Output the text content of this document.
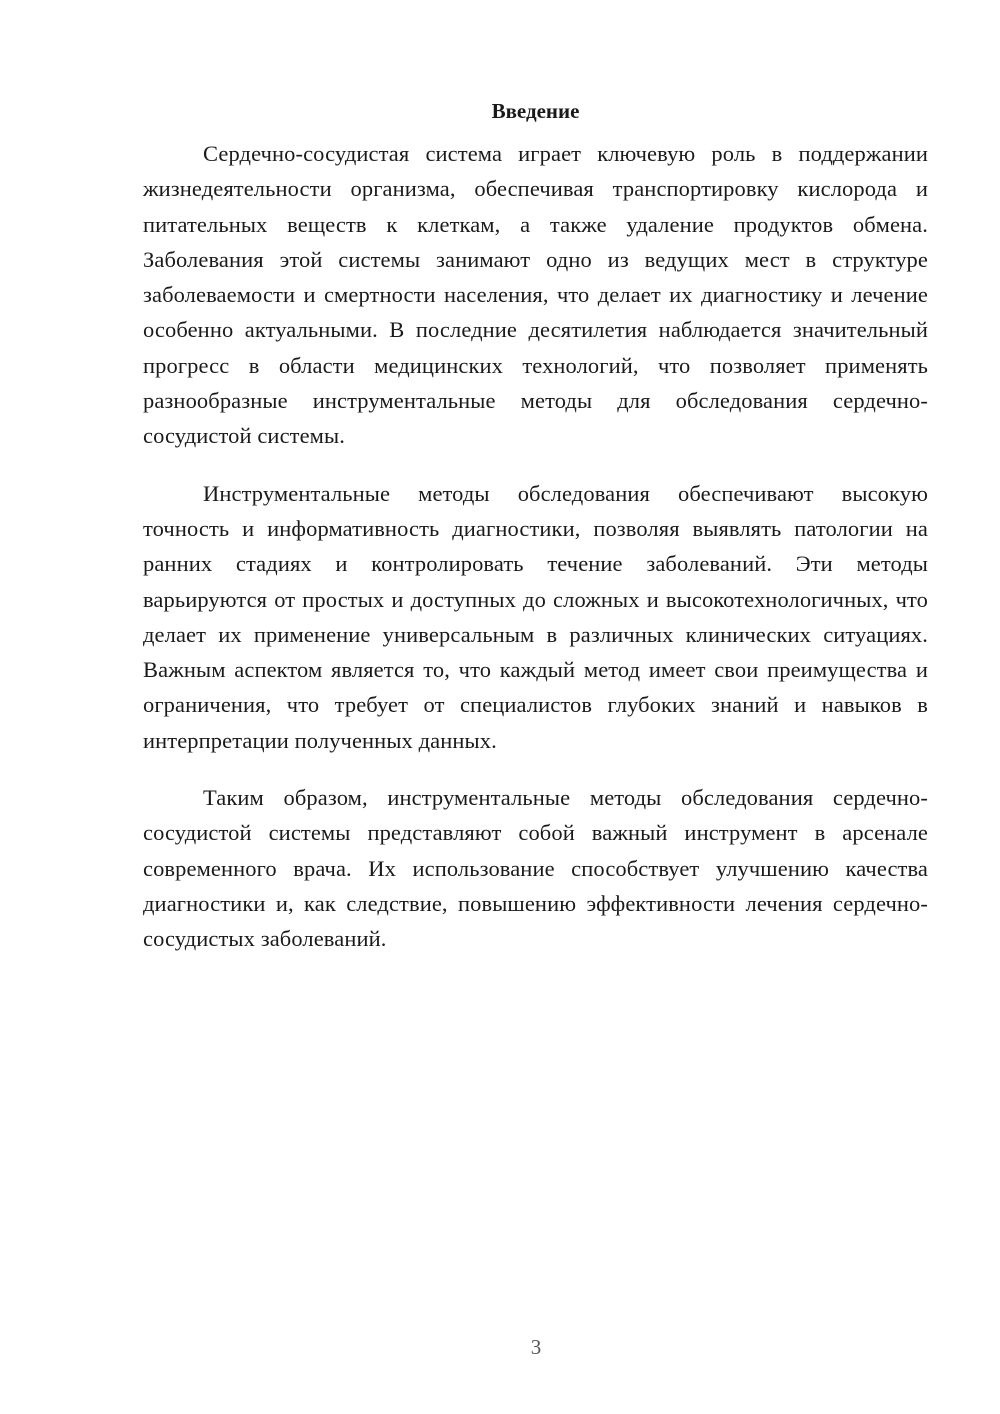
Введение

Сердечно-сосудистая система играет ключевую роль в поддержании жизнедеятельности организма, обеспечивая транспортировку кислорода и питательных веществ к клеткам, а также удаление продуктов обмена. Заболевания этой системы занимают одно из ведущих мест в структуре заболеваемости и смертности населения, что делает их диагностику и лечение особенно актуальными. В последние десятилетия наблюдается значительный прогресс в области медицинских технологий, что позволяет применять разнообразные инструментальные методы для обследования сердечно-сосудистой системы.

Инструментальные методы обследования обеспечивают высокую точность и информативность диагностики, позволяя выявлять патологии на ранних стадиях и контролировать течение заболеваний. Эти методы варьируются от простых и доступных до сложных и высокотехнологичных, что делает их применение универсальным в различных клинических ситуациях. Важным аспектом является то, что каждый метод имеет свои преимущества и ограничения, что требует от специалистов глубоких знаний и навыков в интерпретации полученных данных.

Таким образом, инструментальные методы обследования сердечно-сосудистой системы представляют собой важный инструмент в арсенале современного врача. Их использование способствует улучшению качества диагностики и, как следствие, повышению эффективности лечения сердечно-сосудистых заболеваний.

3
